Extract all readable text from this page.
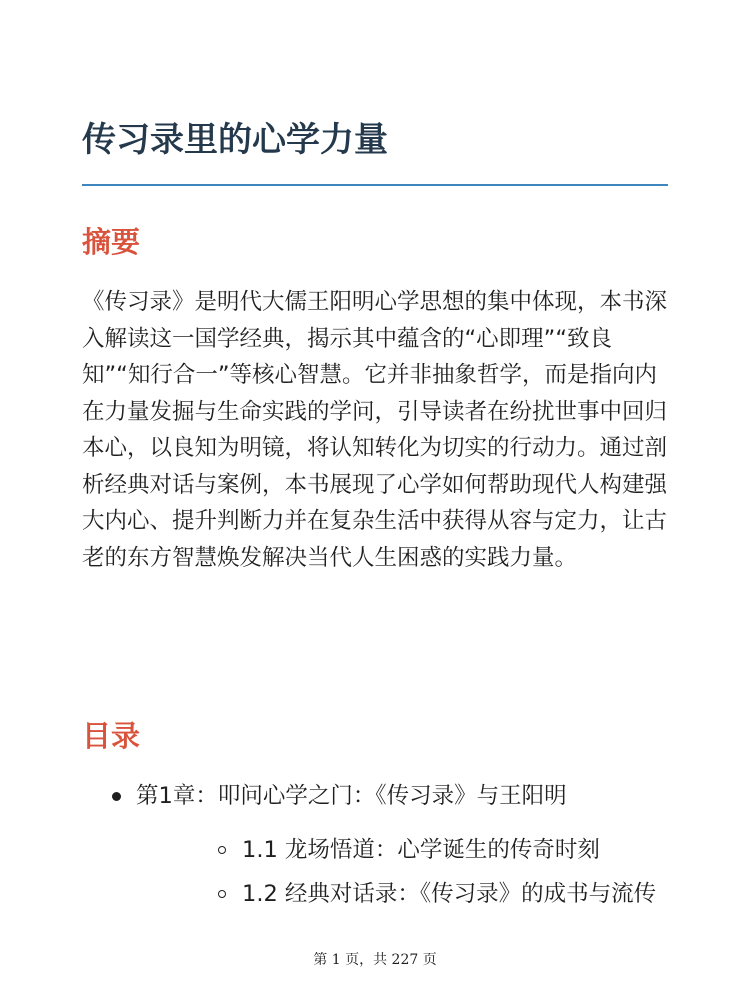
传习录里的心学力量
摘要

《传习录》是明代大儒王阳明心学思想的集中体现，本书深入解读这一国学经典，揭示其中蕴含的“心即理”“致良知”“知行合一”等核心智慧。它并非抽象哲学，而是指向内在力量发掘与生命实践的学问，引导读者在纷扰世事中回归本心，以良知为明镜，将认知转化为切实的行动力。通过剖析经典对话与案例，本书展现了心学如何帮助现代人构建强大内心、提升判断力并在复杂生活中获得从容与定力，让古老的东方智慧焕发解决当代人生困惑的实践力量。

目录
第1章：叩问心学之门：《传习录》与王阳明
1.1 龙场悟道：心学诞生的传奇时刻
1.2 经典对话录：《传习录》的成书与流传
第 1 页，共 227 页
